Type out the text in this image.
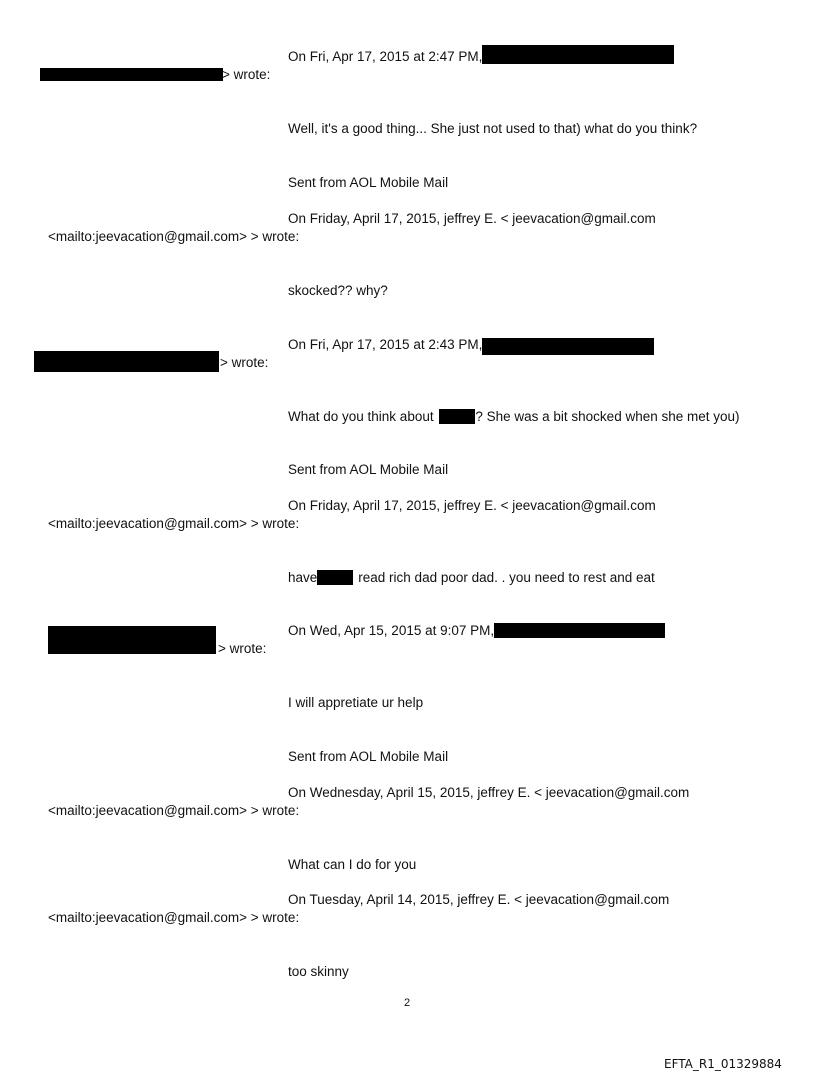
On Fri, Apr 17, 2015 at 2:47 PM,
> wrote:
Well, it's a good thing... She just not used to that) what do you think?
Sent from AOL Mobile Mail
On Friday, April 17, 2015, jeffrey E. < jeevacation@gmail.com
<mailto:jeevacation@gmail.com> > wrote:
skocked?? why?
On Fri, Apr 17, 2015 at 2:43 PM,
> wrote:
What do you think about	? She was a bit shocked when she met you)
Sent from AOL Mobile Mail
On Friday, April 17, 2015, jeffrey E. < jeevacation@gmail.com
<mailto:jeevacation@gmail.com> > wrote:
have	read rich dad poor dad. . you need to rest and eat
On Wed, Apr 15, 2015 at 9:07 PM,
> wrote:
I will appretiate ur help
Sent from AOL Mobile Mail
On Wednesday, April 15, 2015, jeffrey E. < jeevacation@gmail.com
<mailto:jeevacation@gmail.com> > wrote:
What can I do for you
On Tuesday, April 14, 2015, jeffrey E. < jeevacation@gmail.com
<mailto:jeevacation@gmail.com> > wrote:
too skinny
2
EFTA_R1_01329884
